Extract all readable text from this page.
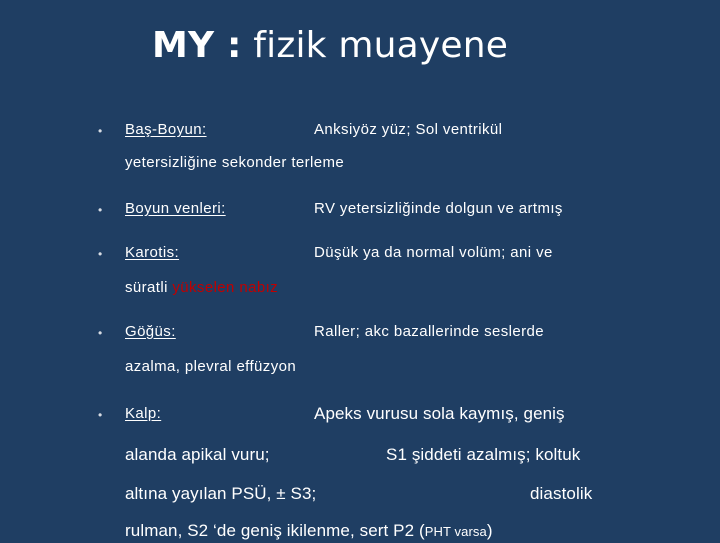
MY : fizik muayene
• Baş-Boyun:	Anksiyöz yüz; Sol ventrikül
yetersizliğine sekonder terleme
• Boyun venleri:	RV yetersizliğinde dolgun ve artmış
• Karotis:	Düşük ya da normal volüm; ani ve
süratli yükselen nabız
• Göğüs:	Raller; akc bazallerinde seslerde
azalma, plevral effüzyon
• Kalp:	Apeks vurusu sola kaymış, geniş
alanda apikal vuru;	S1 şiddeti azalmış; koltuk
altına yayılan PSÜ, ± S3;	diastolik
rulman, S2 ‘de geniş ikilenme, sert P2 (PHT varsa)
